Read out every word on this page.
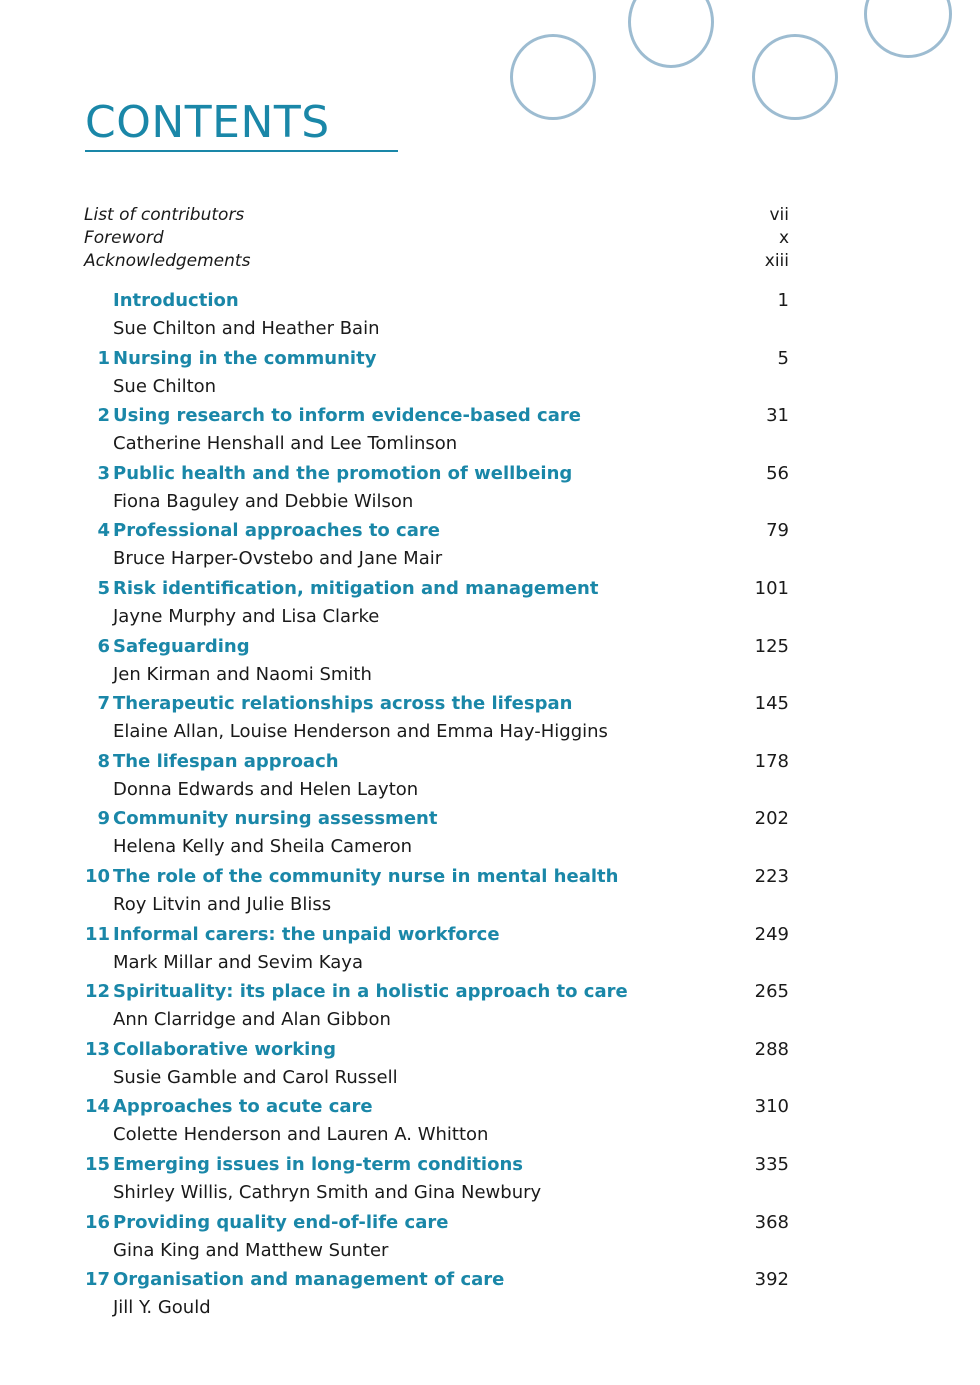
CONTENTS
List of contributors	vii
Foreword	x
Acknowledgements	xiii
Introduction	1
Sue Chilton and Heather Bain
1 Nursing in the community	5
Sue Chilton
2 Using research to inform evidence-based care	31
Catherine Henshall and Lee Tomlinson
3 Public health and the promotion of wellbeing	56
Fiona Baguley and Debbie Wilson
4 Professional approaches to care	79
Bruce Harper-Ovstebo and Jane Mair
5 Risk identification, mitigation and management	101
Jayne Murphy and Lisa Clarke
6 Safeguarding	125
Jen Kirman and Naomi Smith
7 Therapeutic relationships across the lifespan	145
Elaine Allan, Louise Henderson and Emma Hay-Higgins
8 The lifespan approach	178
Donna Edwards and Helen Layton
9 Community nursing assessment	202
Helena Kelly and Sheila Cameron
10 The role of the community nurse in mental health	223
Roy Litvin and Julie Bliss
11 Informal carers: the unpaid workforce	249
Mark Millar and Sevim Kaya
12 Spirituality: its place in a holistic approach to care	265
Ann Clarridge and Alan Gibbon
13 Collaborative working	288
Susie Gamble and Carol Russell
14 Approaches to acute care	310
Colette Henderson and Lauren A. Whitton
15 Emerging issues in long-term conditions	335
Shirley Willis, Cathryn Smith and Gina Newbury
16 Providing quality end-of-life care	368
Gina King and Matthew Sunter
17 Organisation and management of care	392
Jill Y. Gould
